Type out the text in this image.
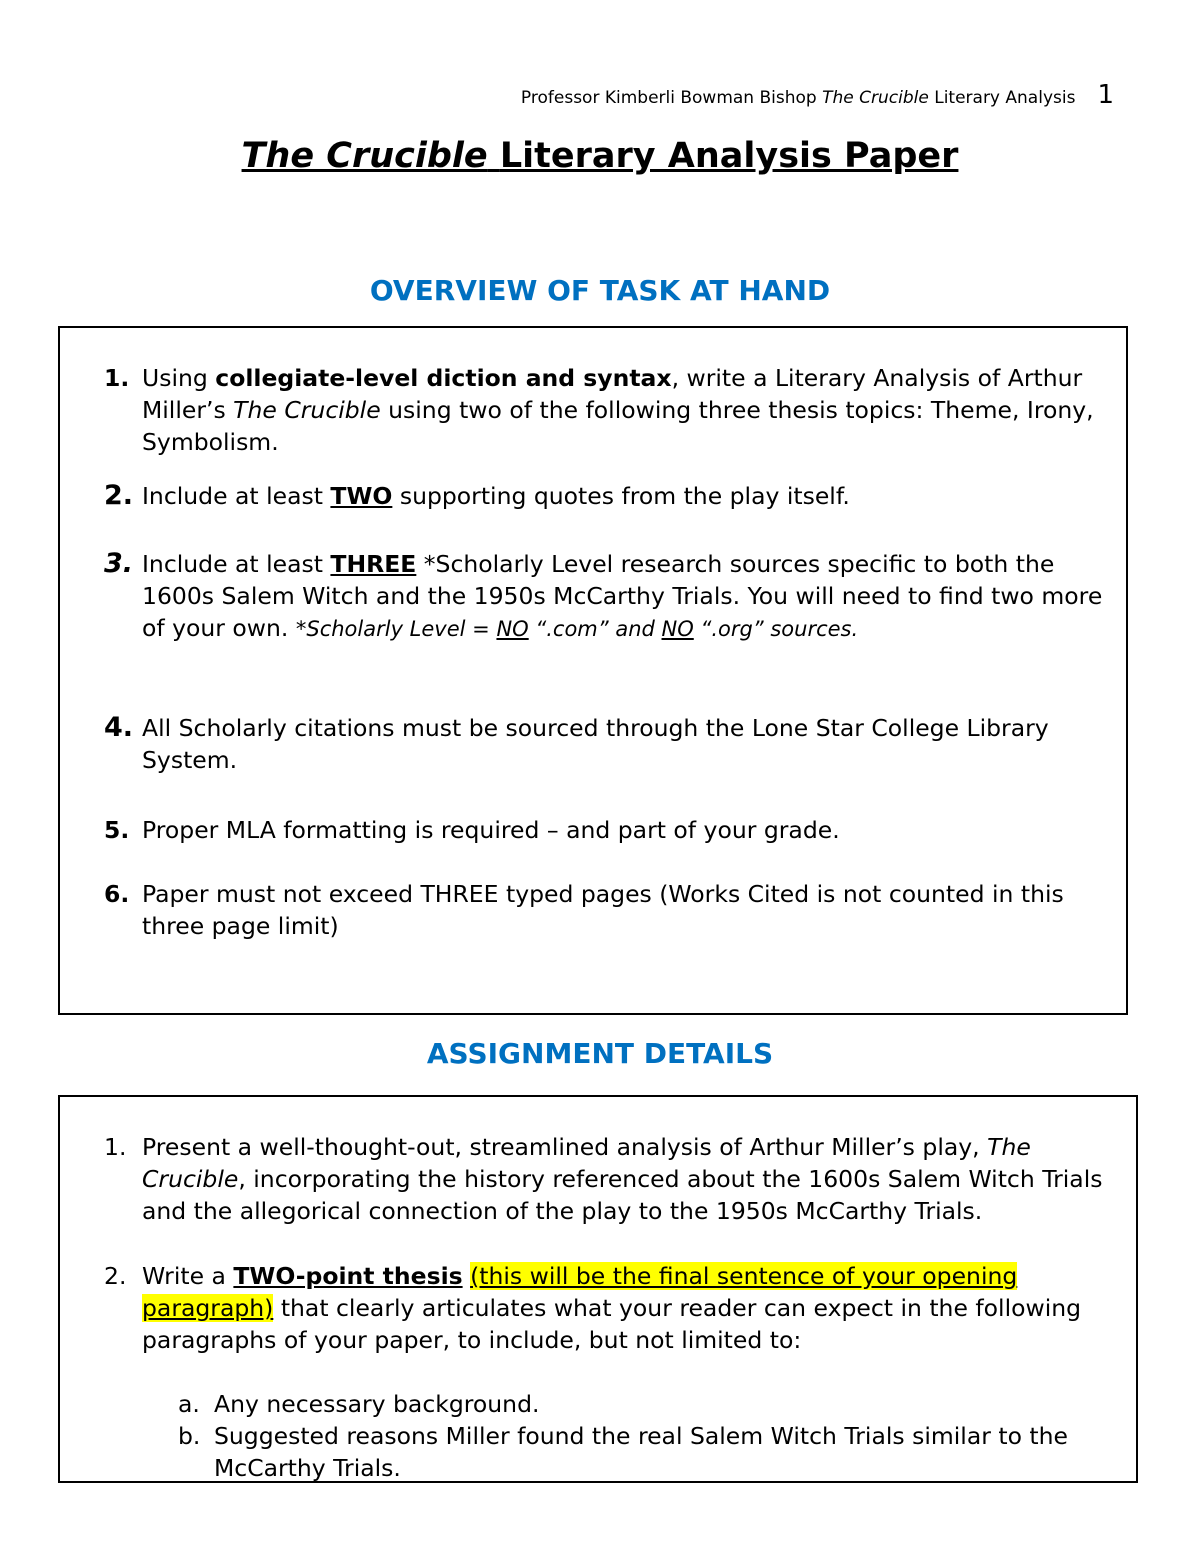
Professor Kimberli Bowman Bishop
The Crucible
Literary Analysis 1
The Crucible Literary Analysis Paper
OVERVIEW OF TASK AT HAND
1. Using collegiate-level diction and syntax, write a Literary Analysis of Arthur Miller’s The Crucible using two of the following three thesis topics: Theme, Irony, Symbolism.
2. Include at least TWO supporting quotes from the play itself.
3. Include at least THREE *Scholarly Level research sources specific to both the 1600s Salem Witch and the 1950s McCarthy Trials. You will need to find two more of your own. *Scholarly Level = NO “.com” and NO “.org” sources.
4. All Scholarly citations must be sourced through the Lone Star College Library System.
5. Proper MLA formatting is required – and part of your grade.
6. Paper must not exceed THREE typed pages (Works Cited is not counted in this three page limit)
ASSIGNMENT DETAILS
1. Present a well-thought-out, streamlined analysis of Arthur Miller’s play, The Crucible, incorporating the history referenced about the 1600s Salem Witch Trials and the allegorical connection of the play to the 1950s McCarthy Trials.
2. Write a TWO-point thesis (this will be the final sentence of your opening paragraph) that clearly articulates what your reader can expect in the following paragraphs of your paper, to include, but not limited to:
a. Any necessary background.
b. Suggested reasons Miller found the real Salem Witch Trials similar to the McCarthy Trials.
